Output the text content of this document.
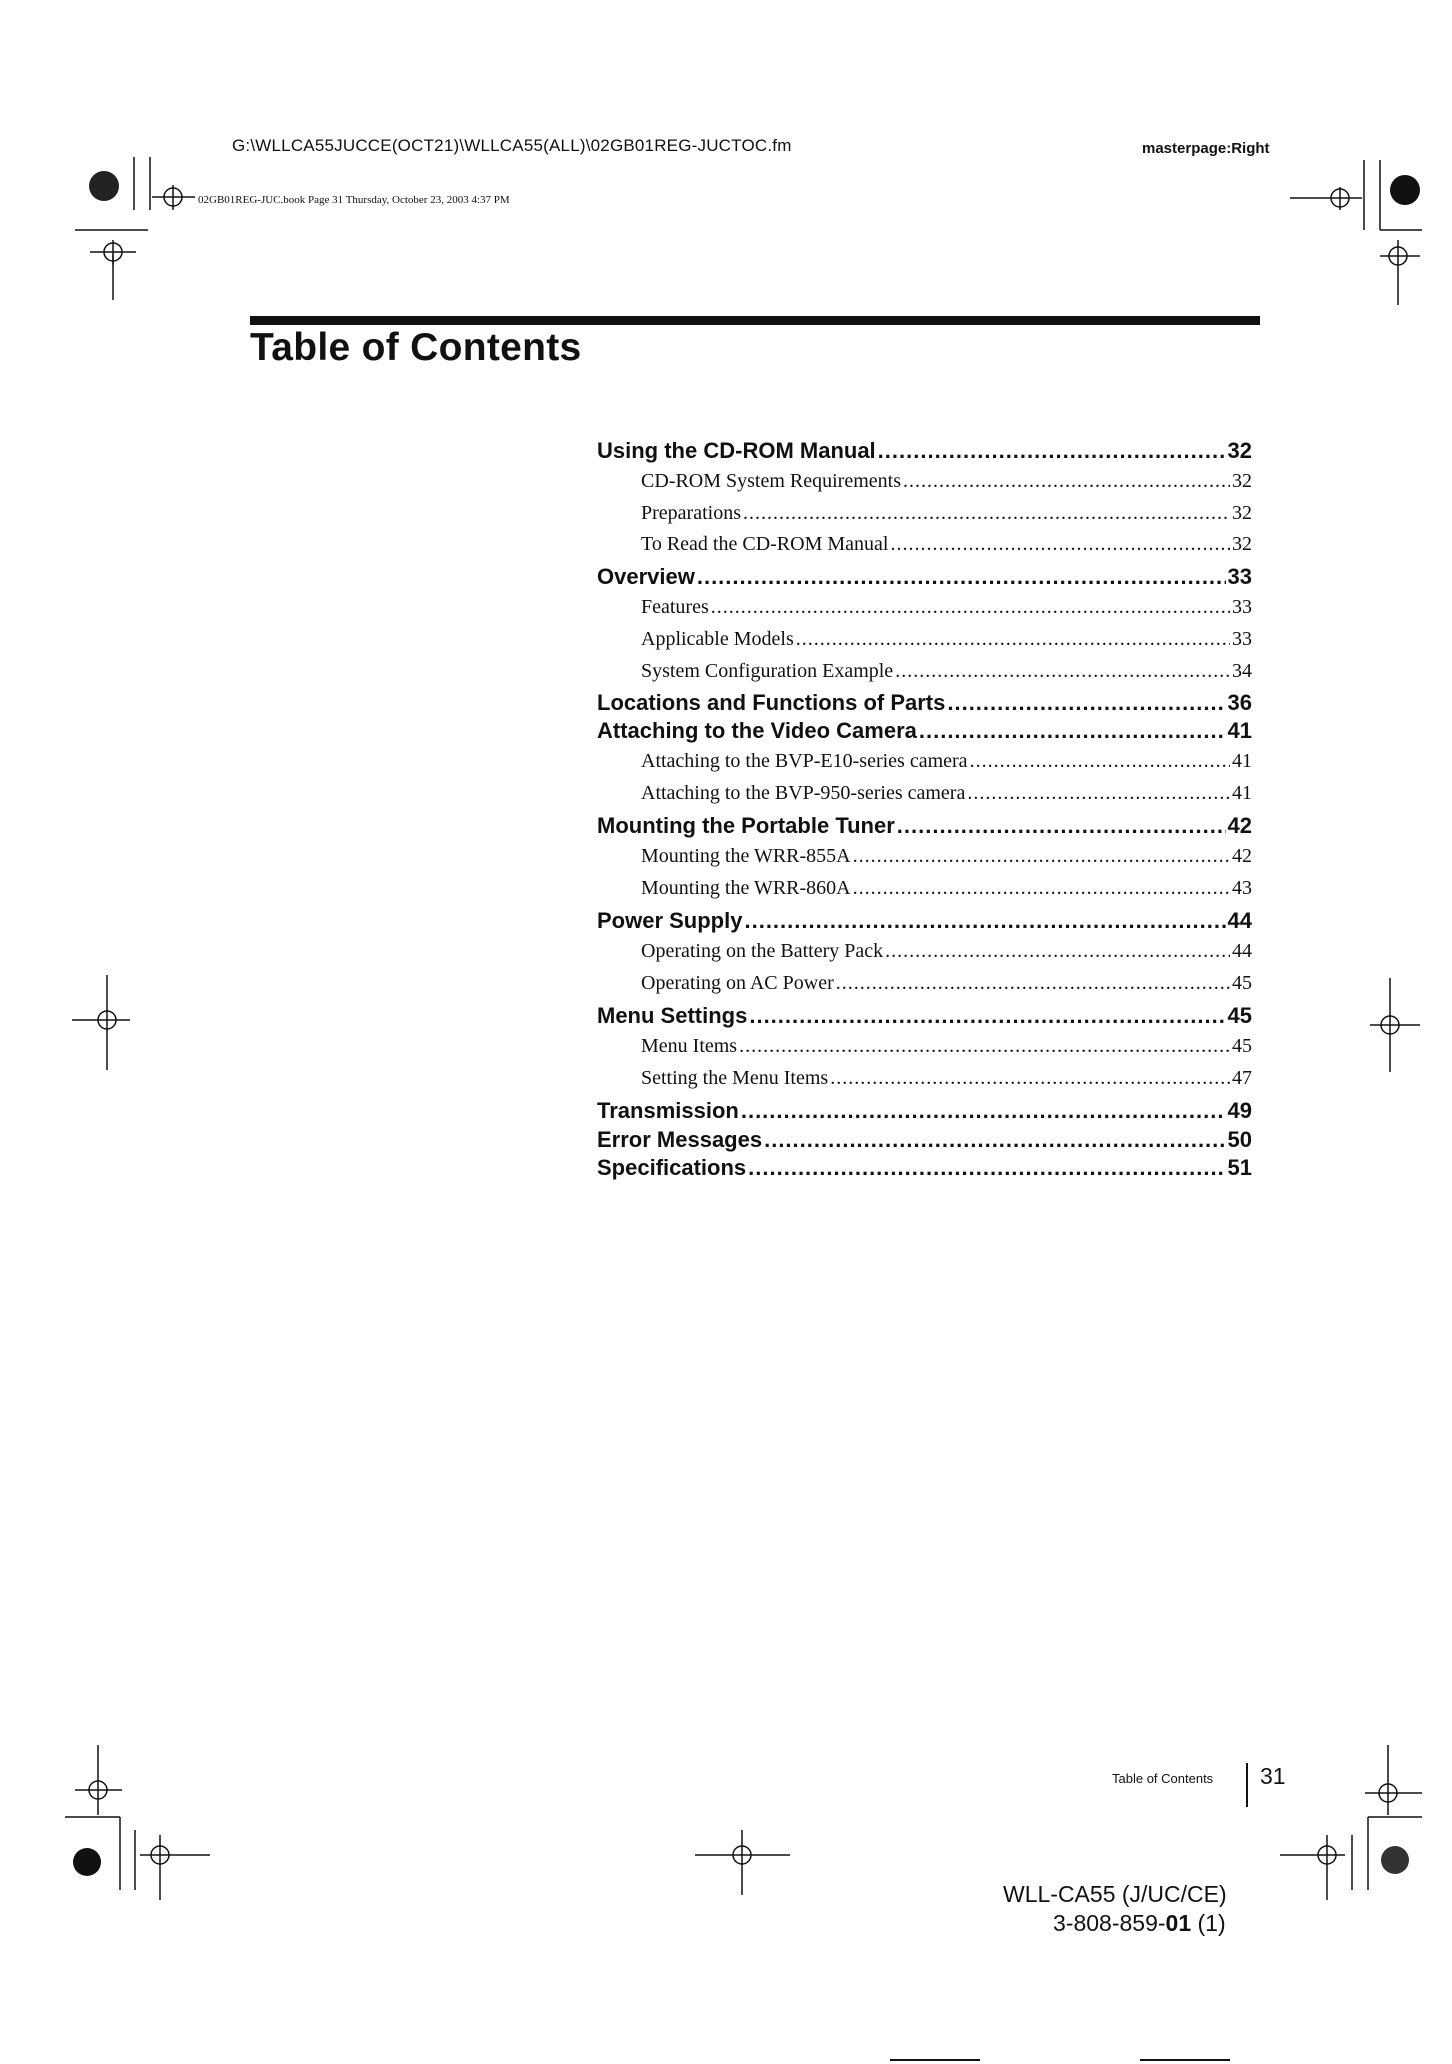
G:\WLLCA55JUCCE(OCT21)\WLLCA55(ALL)\02GB01REG-JUCTOC.fm	masterpage:Right
02GB01REG-JUC.book Page 31 Thursday, October 23, 2003 4:37 PM
Table of Contents
Using the CD-ROM Manual .....	32
CD-ROM System Requirements .....	32
Preparations .....	32
To Read the CD-ROM Manual .....	32
Overview .....	33
Features .....	33
Applicable Models .....	33
System Configuration Example .....	34
Locations and Functions of Parts .....	36
Attaching to the Video Camera .....	41
Attaching to the BVP-E10-series camera .....	41
Attaching to the BVP-950-series camera .....	41
Mounting the Portable Tuner .....	42
Mounting the WRR-855A .....	42
Mounting the WRR-860A .....	43
Power Supply .....	44
Operating on the Battery Pack .....	44
Operating on AC Power .....	45
Menu Settings .....	45
Menu Items .....	45
Setting the Menu Items .....	47
Transmission .....	49
Error Messages .....	50
Specifications .....	51
Table of Contents 31
WLL-CA55 (J/UC/CE)
3-808-859-01 (1)
